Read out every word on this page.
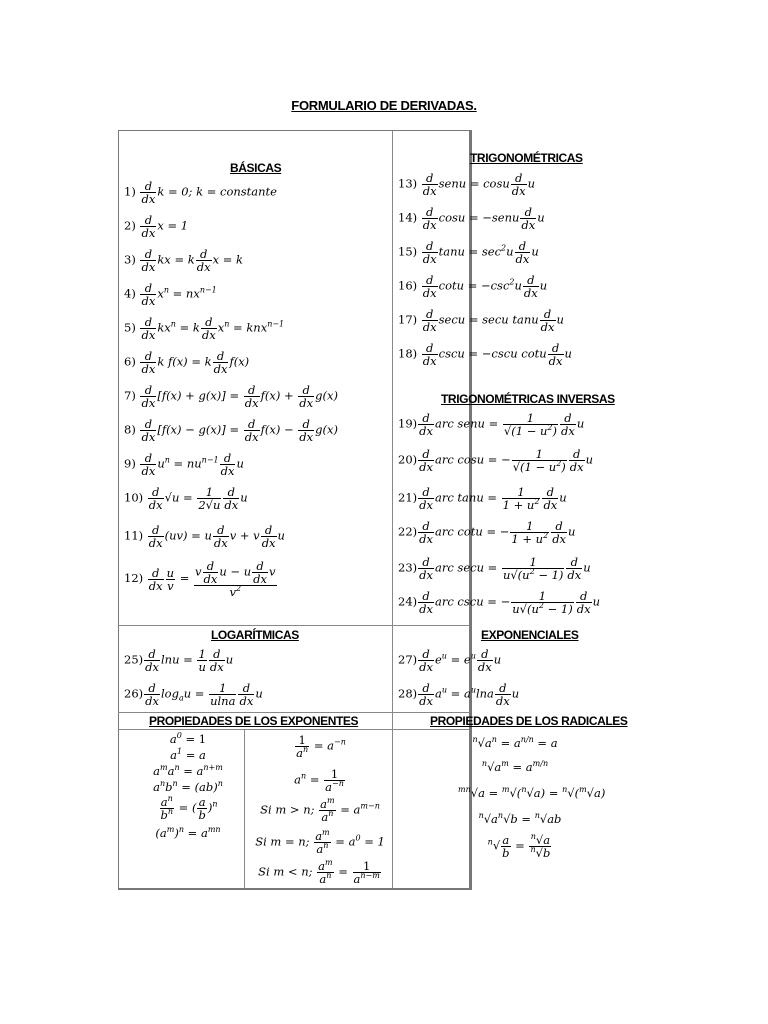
FORMULARIO DE DERIVADAS.
BÁSICAS
TRIGONOMÉTRICAS
TRIGONOMÉTRICAS INVERSAS
LOGARÍTMICAS	EXPONENCIALES
PROPIEDADES DE LOS EXPONENTES	PROPIEDADES DE LOS RADICALES
$1) \frac{d}{dx}$ k = 0; k = constante
$2) \frac{d}{dx}$ x = 1
$3) \frac{d}{dx}$ kx = k $\frac{d}{dx}$ x = k
$4) \frac{d}{dx} x^n = nx^{n-1}$
$5) \frac{d}{dx} kx^n = k \frac{d}{dx} x^n = knx^{n-1}$
$6) \frac{d}{dx}$ k f(x) = k $\frac{d}{dx} f(x)$
$7) \frac{d}{dx} [f(x) + g(x)] = \frac{d}{dx} f(x) + \frac{d}{dx} g(x)$
$8) \frac{d}{dx} [f(x) - g(x)] = \frac{d}{dx} f(x) - \frac{d}{dx} g(x)$
$9) \frac{d}{dx} u^n = nu^{n-1} \frac{d}{dx}$ u
$10) \frac{d}{dx} √u = \frac{1}{2√u} \frac{d}{dx}$ u
$11) \frac{d}{dx} (uv) = u \frac{d}{dx}$ v + v $\frac{d}{dx}$ u
$12) \frac{d}{dx} \frac{u}{v} = v \frac{d}{dx}$ u − u $\frac{d}{dx}$ v
$v^2$
$13) \frac{d}{dx}$ senu = cosu $\frac{d}{dx}$ u
$14) \frac{d}{dx}$ cosu = −senu $\frac{d}{dx}$ u
$15) \frac{d}{dx}$ $\tan u = \sec^2u \frac{d}{dx}$ u
$16) \frac{d}{dx}$ $\cot u = -\csc^2u \frac{d}{dx}$ u
$17) \frac{d}{dx}$ secu = secu tanu $\frac{d}{dx}$ u
$18) \frac{d}{dx}$ cscu = −cscu cotu $\frac{d}{dx}$ u
$19) \frac{d}{dx}$ arc senu = $\frac{1}{√(1 - u^2)} \frac{d}{dx}$ u
$20) \frac{d}{dx}$ arc cosu = − $\frac{1}{√(1 - u^2)} \frac{d}{dx}$ u
$21) \frac{d}{dx}$ arc $\tan u = \frac{1}{1 + u^2} \frac{d}{dx}$ u
$22) \frac{d}{dx}$ arc cotu = − $\frac{1}{1 + u^2} \frac{d}{dx}$ u
$23) \frac{d}{dx}$ arc $\sec u = \frac{1}{u√(u^2 - 1)} \frac{d}{dx}$ u
$24) \frac{d}{dx}$ arc cscu = − $\frac{1}{u√(u^2 - 1)} \frac{d}{dx}$ u
$25) \frac{d}{dx}$ $\ln u = \frac{1}{u} \frac{d}{dx}$ u
$26) \frac{d}{dx} \log_au = \frac{1}{ulna} \frac{d}{dx}$ u
$27) \frac{d}{dx} e^u = e^u \frac{d}{dx}$ u
$28) \frac{d}{dx} a^u = a^u\ln a \frac{d}{dx}$ u
$a^0 = 1$
$a^1 = a$
$a^ma^n = a^{n+m}$
$a^nb^n = (ab)^n$
$\frac{a^n}{b^n}$ = ( $\frac{a}{b} )^n$
$(a^m)^n = a^{mn}$
$\frac{1}{a^n} = a^{-n}$
$a^n = \frac{1}{a^{-n}}$
Si m > n; $\frac{a^m}{a^n} = a^{m-n}$
Si m = n; $\frac{a^m}{a^n} = a^0 = 1$
Si m < n; $\frac{a^m}{a^n} = \frac{1}{a^{n-m}}$
$^n√a^n = a^{n/n} = a$
$^n√a^m = a^{m/n}$
$^{mn}$√a = $^m$√($^n$√a) = $^n$√($^m$√a)
$^n√a^n√b = ^n√ab$
$^n√ \frac{a}{b} = \frac{^n√a}{^n√b}$
